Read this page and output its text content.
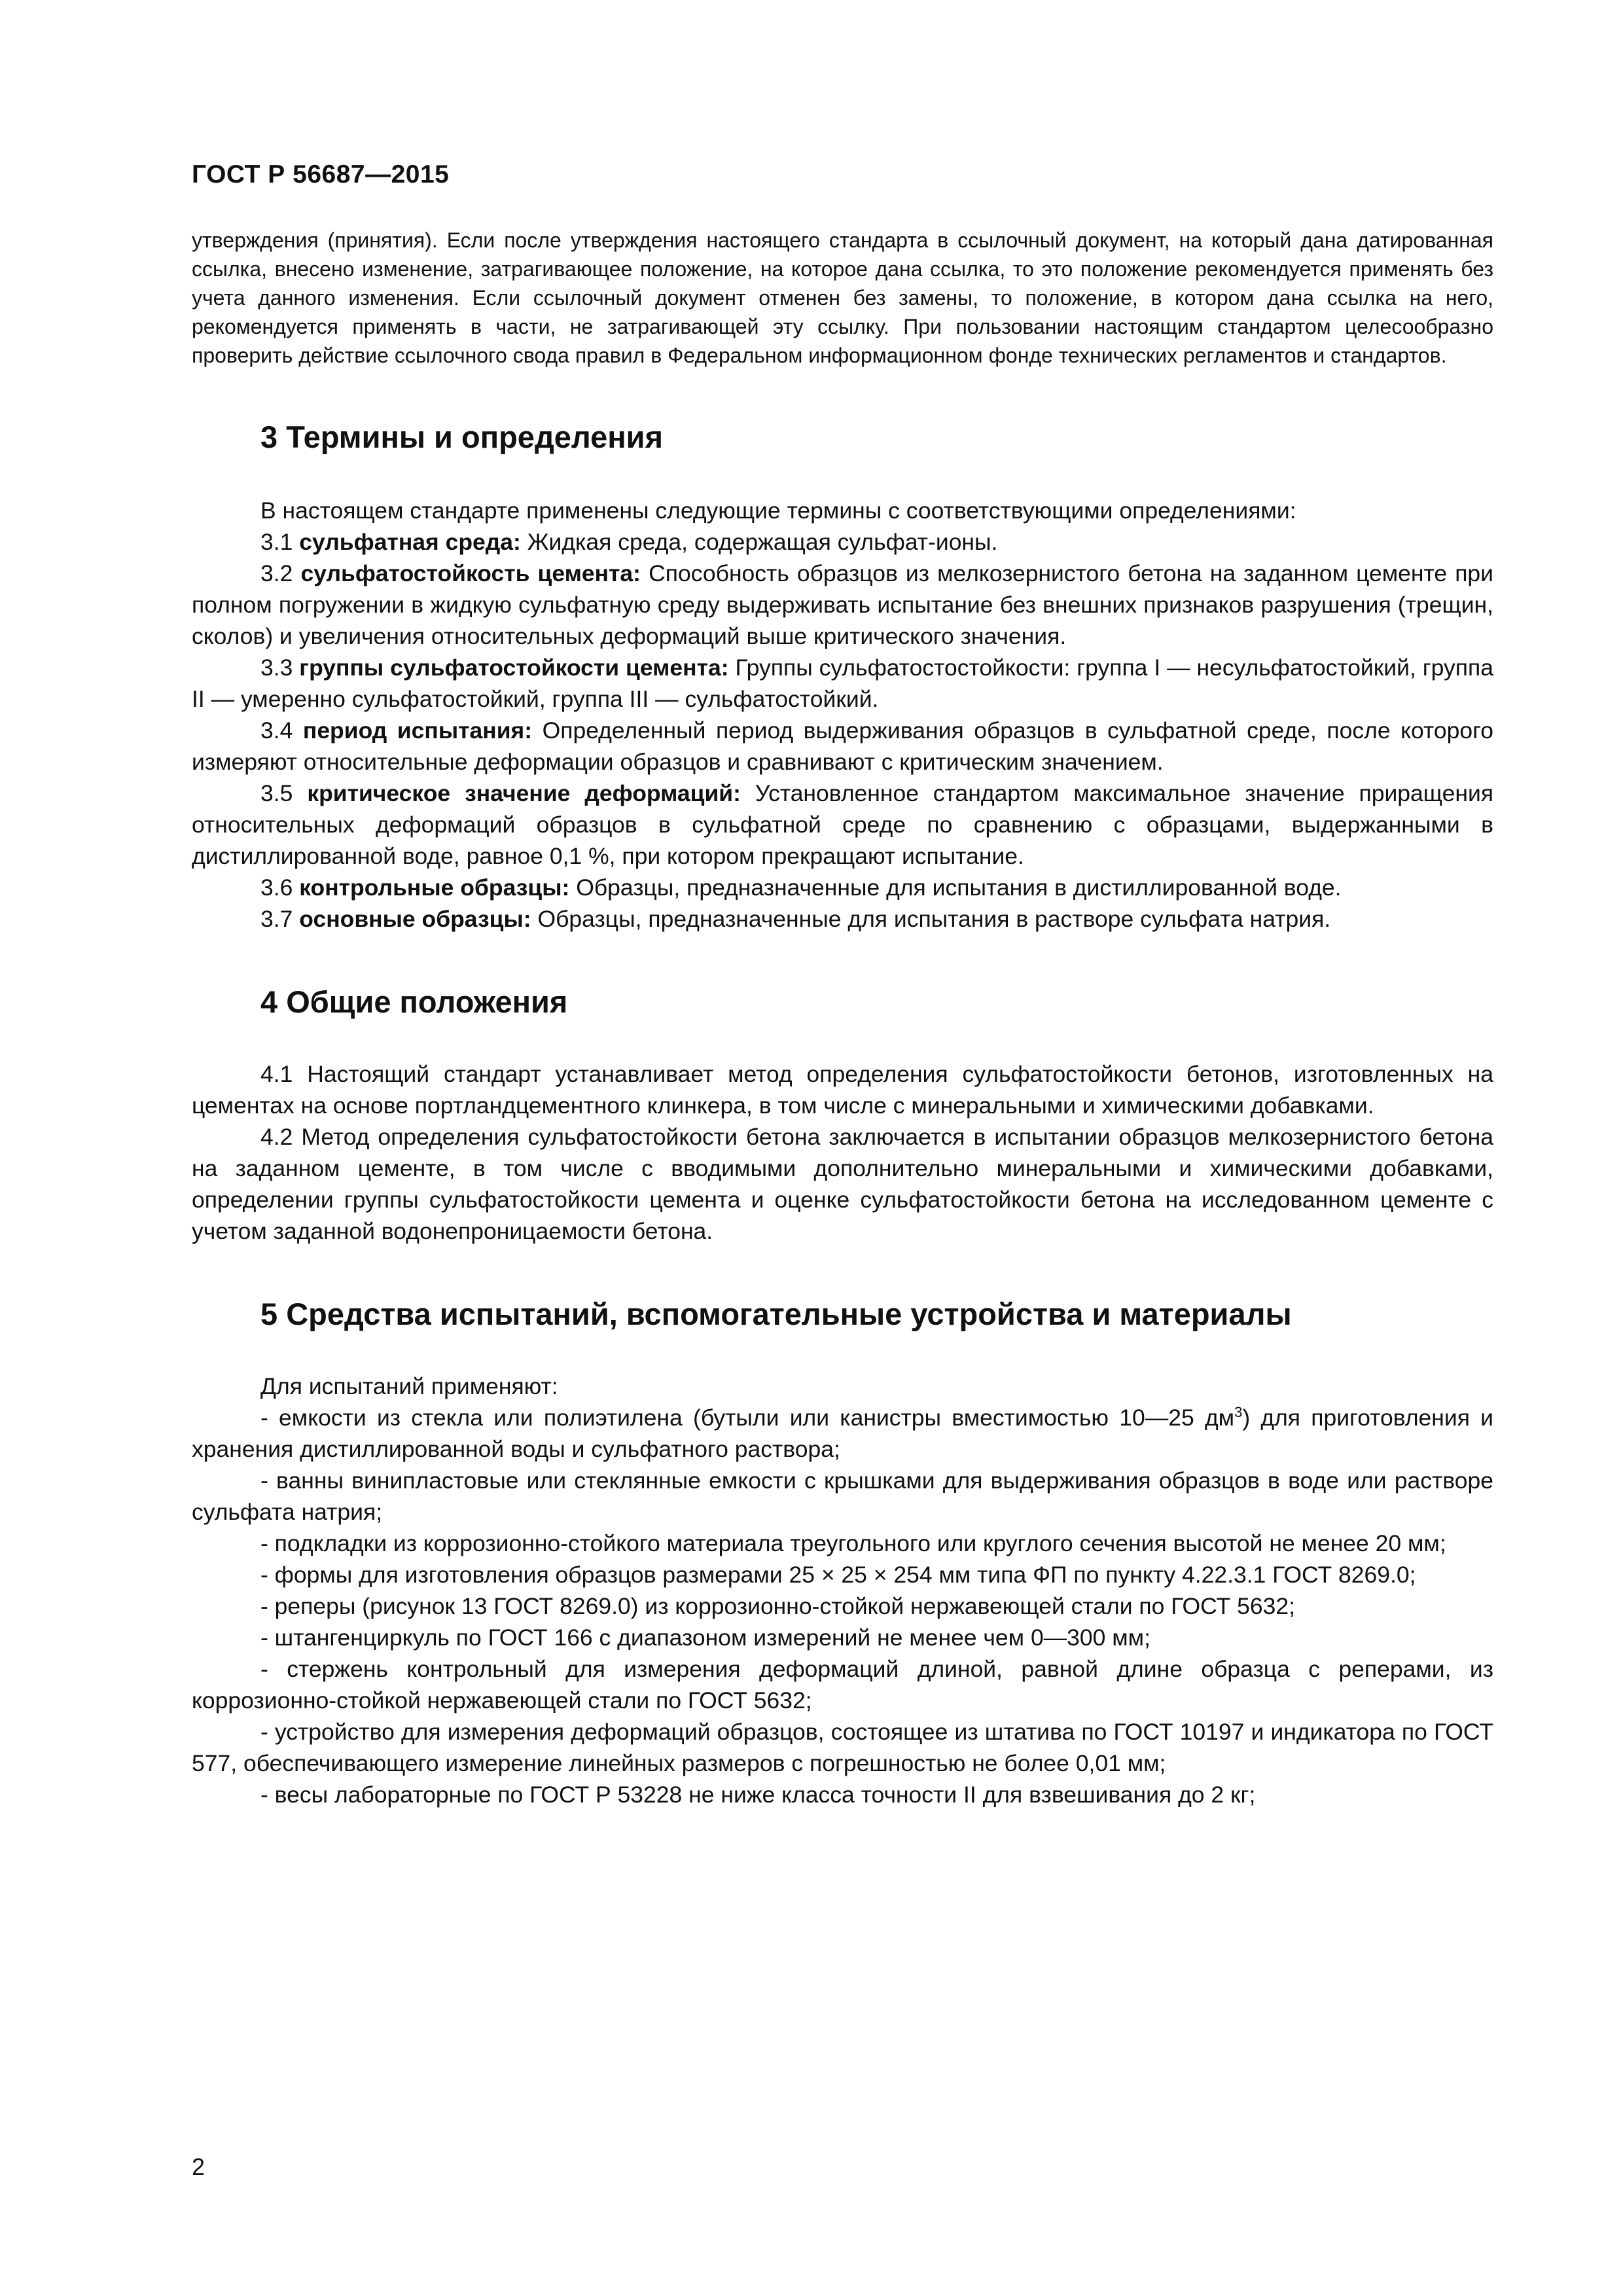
ГОСТ Р 56687—2015

утверждения (принятия). Если после утверждения настоящего стандарта в ссылочный документ, на который дана датированная ссылка, внесено изменение, затрагивающее положение, на которое дана ссылка, то это положение рекомендуется применять без учета данного изменения. Если ссылочный документ отменен без замены, то положение, в котором дана ссылка на него, рекомендуется применять в части, не затрагивающей эту ссылку. При пользовании настоящим стандартом целесообразно проверить действие ссылочного свода правил в Федеральном информационном фонде технических регламентов и стандартов.

3 Термины и определения

В настоящем стандарте применены следующие термины с соответствующими определениями:

3.1 сульфатная среда: Жидкая среда, содержащая сульфат-ионы.

3.2 сульфатостойкость цемента: Способность образцов из мелкозернистого бетона на заданном цементе при полном погружении в жидкую сульфатную среду выдерживать испытание без внешних признаков разрушения (трещин, сколов) и увеличения относительных деформаций выше критического значения.

3.3 группы сульфатостойкости цемента: Группы сульфатостостойкости: группа I — несульфатостойкий, группа II — умеренно сульфатостойкий, группа III — сульфатостойкий.

3.4 период испытания: Определенный период выдерживания образцов в сульфатной среде, после которого измеряют относительные деформации образцов и сравнивают с критическим значением.

3.5 критическое значение деформаций: Установленное стандартом максимальное значение приращения относительных деформаций образцов в сульфатной среде по сравнению с образцами, выдержанными в дистиллированной воде, равное 0,1 %, при котором прекращают испытание.

3.6 контрольные образцы: Образцы, предназначенные для испытания в дистиллированной воде.

3.7 основные образцы: Образцы, предназначенные для испытания в растворе сульфата натрия.

4 Общие положения

4.1 Настоящий стандарт устанавливает метод определения сульфатостойкости бетонов, изготовленных на цементах на основе портландцементного клинкера, в том числе с минеральными и химическими добавками.

4.2 Метод определения сульфатостойкости бетона заключается в испытании образцов мелкозернистого бетона на заданном цементе, в том числе с вводимыми дополнительно минеральными и химическими добавками, определении группы сульфатостойкости цемента и оценке сульфатостойкости бетона на исследованном цементе с учетом заданной водонепроницаемости бетона.

5 Средства испытаний, вспомогательные устройства и материалы

Для испытаний применяют:

- емкости из стекла или полиэтилена (бутыли или канистры вместимостью 10—25 $дм^3$) для приготовления и хранения дистиллированной воды и сульфатного раствора;

- ванны винипластовые или стеклянные емкости с крышками для выдерживания образцов в воде или растворе сульфата натрия;

- подкладки из коррозионно-стойкого материала треугольного или круглого сечения высотой не менее 20 мм;

- формы для изготовления образцов размерами 25 × 25 × 254 мм типа ФП по пункту 4.22.3.1 ГОСТ 8269.0;

- реперы (рисунок 13 ГОСТ 8269.0) из коррозионно-стойкой нержавеющей стали по ГОСТ 5632;

- штангенциркуль по ГОСТ 166 с диапазоном измерений не менее чем 0—300 мм;

- стержень контрольный для измерения деформаций длиной, равной длине образца с реперами, из коррозионно-стойкой нержавеющей стали по ГОСТ 5632;

- устройство для измерения деформаций образцов, состоящее из штатива по ГОСТ 10197 и индикатора по ГОСТ 577, обеспечивающего измерение линейных размеров с погрешностью не более 0,01 мм;

- весы лабораторные по ГОСТ Р 53228 не ниже класса точности II для взвешивания до 2 кг;

2
